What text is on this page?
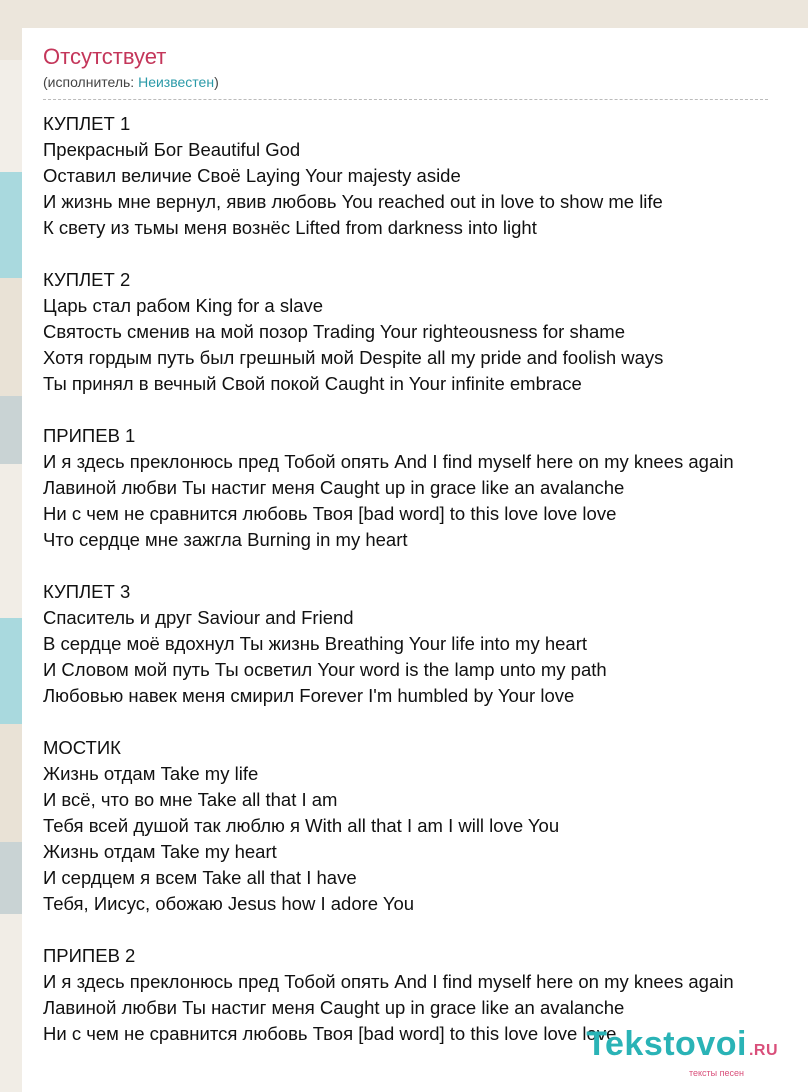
Отсутствует
(исполнитель: Неизвестен)
КУПЛЕТ 1
Прекрасный Бог Beautiful God
Оставил величие Своё Laying Your majesty aside
И жизнь мне вернул, явив любовь You reached out in love to show me life
К свету из тьмы меня вознёс Lifted from darkness into light
КУПЛЕТ 2
Царь стал рабом King for a slave
Святость сменив на мой позор Trading Your righteousness for shame
Хотя гордым путь был грешный мой Despite all my pride and foolish ways
Ты принял в вечный Свой покой Caught in Your infinite embrace
ПРИПЕВ 1
И я здесь преклонюсь пред Тобой опять And I find myself here on my knees again
Лавиной любви Ты настиг меня Caught up in grace like an avalanche
Ни с чем не сравнится любовь Твоя [bad word] to this love love love
Что сердце мне зажгла Burning in my heart
КУПЛЕТ 3
Спаситель и друг Saviour and Friend
В сердце моё вдохнул Ты жизнь Breathing Your life into my heart
И Словом мой путь Ты осветил Your word is the lamp unto my path
Любовью навек меня смирил Forever I'm humbled by Your love
МОСТИК
Жизнь отдам Take my life
И всё, что во мне Take all that I am
Тебя всей душой так люблю я With all that I am I will love You
Жизнь отдам Take my heart
И сердцем я всем Take all that I have
Тебя, Иисус, обожаю Jesus how I adore You
ПРИПЕВ 2
И я здесь преклонюсь пред Тобой опять And I find myself here on my knees again
Лавиной любви Ты настиг меня Caught up in grace like an avalanche
Ни с чем не сравнится любовь Твоя [bad word] to this love love love
Tekstovoi .RU
тексты песен
